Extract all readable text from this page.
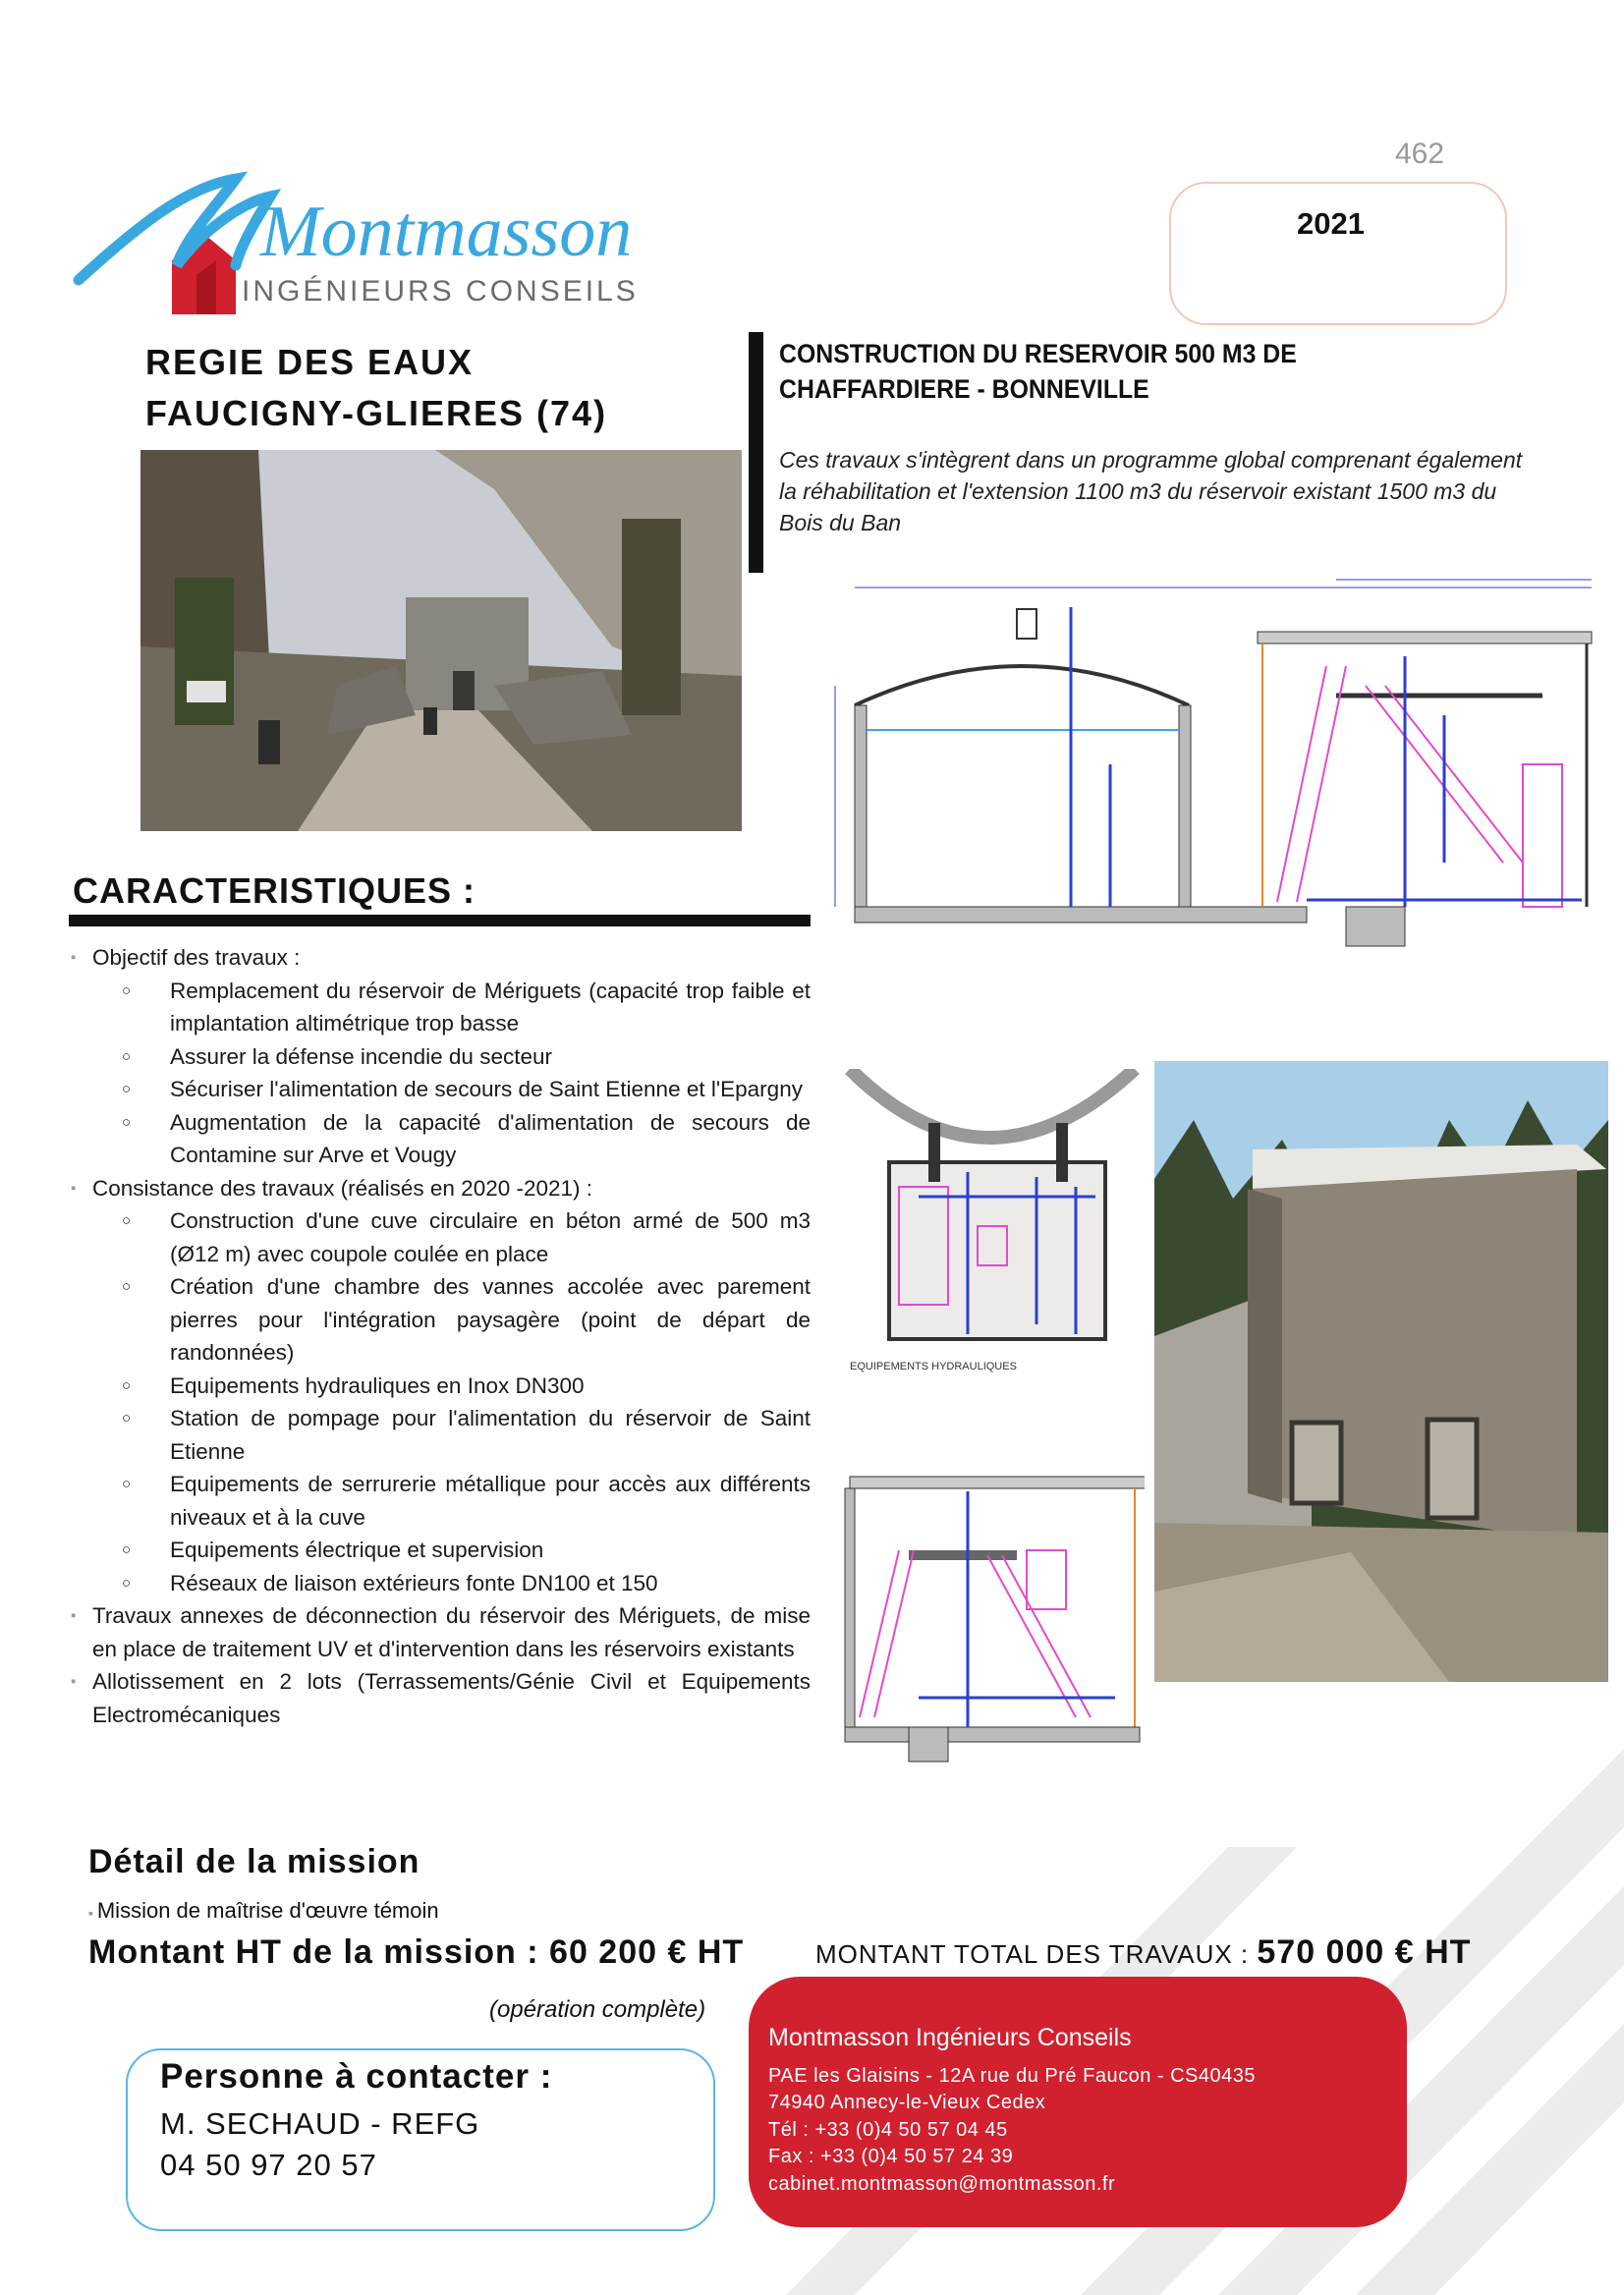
462
2021
Montmasson
INGÉNIEURS CONSEILS
REGIE DES EAUX
FAUCIGNY-GLIERES (74)
CONSTRUCTION DU RESERVOIR 500 M3 DE
CHAFFARDIERE - BONNEVILLE
Ces travaux s'intègrent dans un programme global comprenant également la réhabilitation et l'extension 1100 m3 du réservoir existant 1500 m3 du Bois du Ban
EQUIPEMENTS HYDRAULIQUES
CARACTERISTIQUES :
▪ Objectif des travaux :
○ Remplacement du réservoir de Mériguets (capacité trop faible et implantation altimétrique trop basse
○ Assurer la défense incendie du secteur
○ Sécuriser l'alimentation de secours de Saint Etienne et l'Epargny
○ Augmentation de la capacité d'alimentation de secours de Contamine sur Arve et Vougy
▪ Consistance des travaux (réalisés en 2020 -2021) :
○ Construction d'une cuve circulaire en béton armé de 500 m3 (Ø12 m) avec coupole coulée en place
○ Création d'une chambre des vannes accolée avec parement pierres pour l'intégration paysagère (point de départ de randonnées)
○ Equipements hydrauliques en Inox DN300
○ Station de pompage pour l'alimentation du réservoir de Saint Etienne
○ Equipements de serrurerie métallique pour accès aux différents niveaux et à la cuve
○ Equipements électrique et supervision
○ Réseaux de liaison extérieurs fonte DN100 et 150
▪ Travaux annexes de déconnection du réservoir des Mériguets, de mise en place de traitement UV et d'intervention dans les réservoirs existants
▪ Allotissement en 2 lots (Terrassements/Génie Civil et Equipements Electromécaniques
Détail de la mission
▪ Mission de maîtrise d'œuvre témoin
Montant HT de la mission : 60 200 € HT
(opération complète)
MONTANT TOTAL DES TRAVAUX : 570 000 € HT
Personne à contacter :
M. SECHAUD - REFG
04 50 97 20 57
Montmasson Ingénieurs Conseils
PAE les Glaisins - 12A rue du Pré Faucon - CS40435
74940 Annecy-le-Vieux Cedex
Tél : +33 (0)4 50 57 04 45
Fax : +33 (0)4 50 57 24 39
cabinet.montmasson@montmasson.fr
